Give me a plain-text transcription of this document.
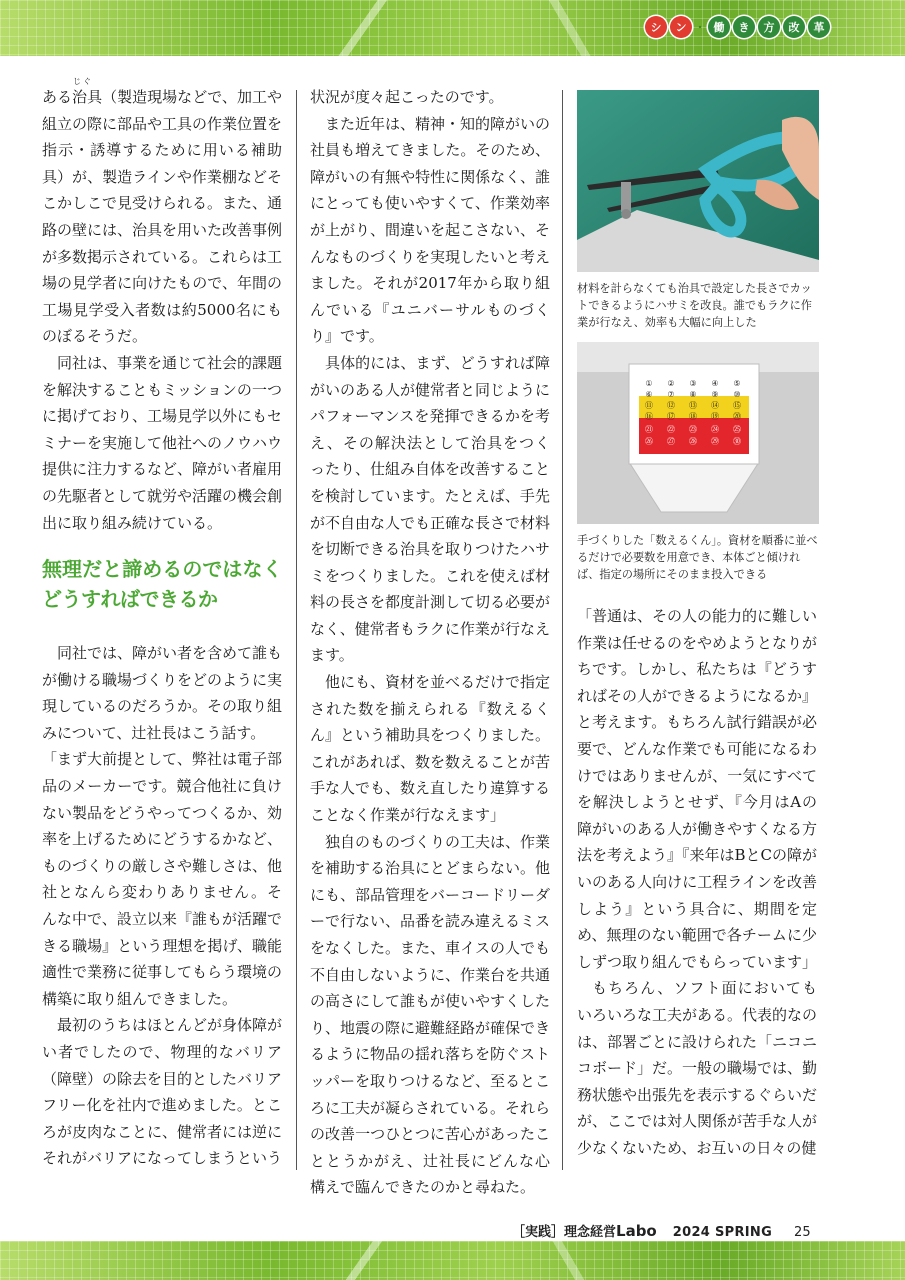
シ	ン ・ 働	き	方	改	革

ある治具
じぐ
（製造現場などで、加工や組立の際に部品や工具の作業位置を指示・誘導するために用いる補助具）が、製造ラインや作業棚などそこかしこで見受けられる。また、通路の壁には、治具を用いた改善事例が多数掲示されている。これらは工場の見学者に向けたもので、年間の工場見学受入者数は約5000名にものぼるそうだ。

同社は、事業を通じて社会的課題を解決することもミッションの一つに掲げており、工場見学以外にもセミナーを実施して他社へのノウハウ提供に注力するなど、障がい者雇用の先駆者として就労や活躍の機会創出に取り組み続けている。

無理だと諦めるのではなくどうすればできるか

同社では、障がい者を含めて誰もが働ける職場づくりをどのように実現しているのだろうか。その取り組みについて、辻社長はこう話す。

「まず大前提として、弊社は電子部品のメーカーです。競合他社に負けない製品をどうやってつくるか、効率を上げるためにどうするかなど、ものづくりの厳しさや難しさは、他社となんら変わりありません。そんな中で、設立以来『誰もが活躍できる職場』という理想を掲げ、職能適性で業務に従事してもらう環境の構築に取り組んできました。

最初のうちはほとんどが身体障がい者でしたので、物理的なバリア（障壁）の除去を目的としたバリアフリー化を社内で進めました。ところが皮肉なことに、健常者には逆にそれがバリアになってしまうという

状況が度々起こったのです。

また近年は、精神・知的障がいの社員も増えてきました。そのため、障がいの有無や特性に関係なく、誰にとっても使いやすくて、作業効率が上がり、間違いを起こさない、そんなものづくりを実現したいと考えました。それが2017年から取り組んでいる『ユニバーサルものづくり』です。

具体的には、まず、どうすれば障がいのある人が健常者と同じようにパフォーマンスを発揮できるかを考え、その解決法として治具をつくったり、仕組み自体を改善することを検討しています。たとえば、手先が不自由な人でも正確な長さで材料を切断できる治具を取りつけたハサミをつくりました。これを使えば材料の長さを都度計測して切る必要がなく、健常者もラクに作業が行なえます。

他にも、資材を並べるだけで指定された数を揃えられる『数えるくん』という補助具をつくりました。これがあれば、数を数えることが苦手な人でも、数え直したり違算することなく作業が行なえます」

独自のものづくりの工夫は、作業を補助する治具にとどまらない。他にも、部品管理をバーコードリーダーで行ない、品番を読み違えるミスをなくした。また、車イスの人でも不自由しないように、作業台を共通の高さにして誰もが使いやすくしたり、地震の際に避難経路が確保できるように物品の揺れ落ちを防ぐストッパーを取りつけるなど、至るところに工夫が凝らされている。それらの改善一つひとつに苦心があったこととうかがえ、辻社長にどんな心構えで臨んできたのかと尋ねた。

材料を計らなくても治具で設定した長さでカットできるようにハサミを改良。誰でもラクに作業が行なえ、効率も大幅に向上した
① ② ③ ④ ⑤
⑥ ⑦ ⑧ ⑨ ⑩
⑪ ⑫ ⑬ ⑭ ⑮
⑯ ⑰ ⑱ ⑲ ⑳
㉑ ㉒ ㉓ ㉔ ㉕
㉖ ㉗ ㉘ ㉙ ㉚
手づくりした「数えるくん」。資材を順番に並べるだけで必要数を用意でき、本体ごと傾ければ、指定の場所にそのまま投入できる

「普通は、その人の能力的に難しい作業は任せるのをやめようとなりがちです。しかし、私たちは『どうすればその人ができるようになるか』と考えます。もちろん試行錯誤が必要で、どんな作業でも可能になるわけではありませんが、一気にすべてを解決しようとせず、『今月はAの障がいのある人が働きやすくなる方法を考えよう』『来年はBとCの障がいのある人向けに工程ラインを改善しよう』という具合に、期間を定め、無理のない範囲で各チームに少しずつ取り組んでもらっています」

もちろん、ソフト面においてもいろいろな工夫がある。代表的なのは、部署ごとに設けられた「ニコニコボード」だ。一般の職場では、勤務状態や出張先を表示するぐらいだが、ここでは対人関係が苦手な人が少なくないため、お互いの日々の健

［実践］理念経営Labo 2024 SPRING 25
